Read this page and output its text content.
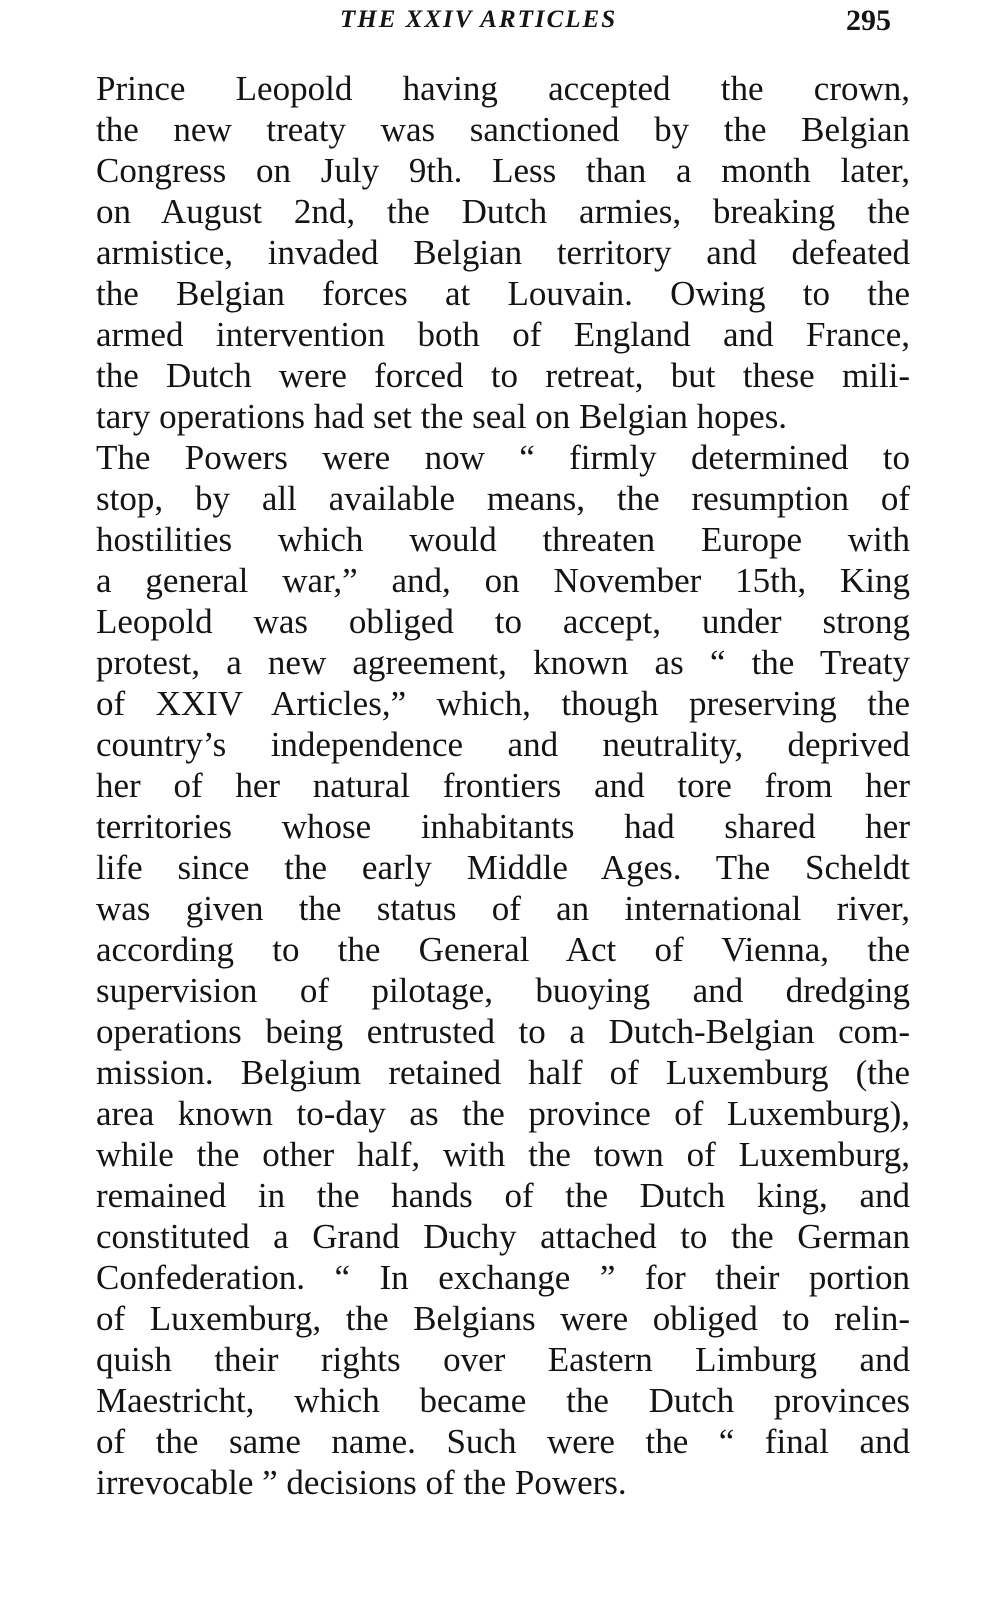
THE XXIV ARTICLES	295
Prince Leopold having accepted the crown,
the new treaty was sanctioned by the Belgian
Congress on July 9th. Less than a month later,
on August 2nd, the Dutch armies, breaking the
armistice, invaded Belgian territory and defeated
the Belgian forces at Louvain. Owing to the
armed intervention both of England and France,
the Dutch were forced to retreat, but these mili-
tary operations had set the seal on Belgian hopes.
The Powers were now “ firmly determined to
stop, by all available means, the resumption of
hostilities which would threaten Europe with
a general war,” and, on November 15th, King
Leopold was obliged to accept, under strong
protest, a new agreement, known as “ the Treaty
of XXIV Articles,” which, though preserving the
country’s independence and neutrality, deprived
her of her natural frontiers and tore from her
territories whose inhabitants had shared her
life since the early Middle Ages. The Scheldt
was given the status of an international river,
according to the General Act of Vienna, the
supervision of pilotage, buoying and dredging
operations being entrusted to a Dutch-Belgian com-
mission. Belgium retained half of Luxemburg (the
area known to-day as the province of Luxemburg),
while the other half, with the town of Luxemburg,
remained in the hands of the Dutch king, and
constituted a Grand Duchy attached to the German
Confederation. “ In exchange ” for their portion
of Luxemburg, the Belgians were obliged to relin-
quish their rights over Eastern Limburg and
Maestricht, which became the Dutch provinces
of the same name. Such were the “ final and
irrevocable ” decisions of the Powers.
